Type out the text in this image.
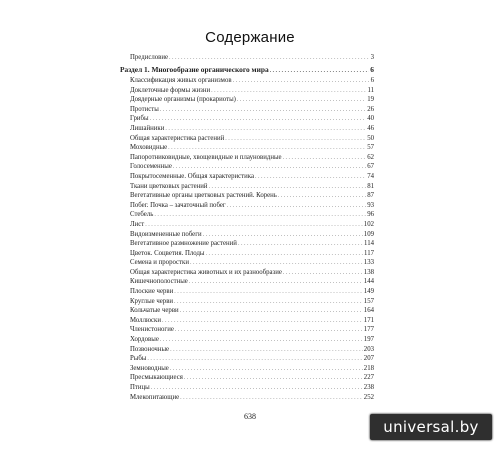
Содержание
Предисловие . . .	3
Раздел 1. Многообразие органического мира . . .	6
Классификация живых организмов . . .	6
Доклеточные формы жизни . . .	11
Доядерные организмы (прокариоты) . . .	19
Протисты . . .	26
Грибы . . .	40
Лишайники . . .	46
Общая характеристика растений . . .	50
Моховидные . . .	57
Папоротниковидные, хвощевидные и плауновидные . . .	62
Голосеменные . . .	67
Покрытосеменные. Общая характеристика . . .	74
Ткани цветковых растений . . .	81
Вегетативные органы цветковых растений. Корень . . .	87
Побег. Почка – зачаточный побег . . .	93
Стебель . . .	96
Лист . . .	102
Видоизмененные побеги . . .	109
Вегетативное размножение растений . . .	114
Цветок. Соцветия. Плоды . . .	117
Семена и проростки . . .	133
Общая характеристика животных и их разнообразие . . .	138
Кишечнополостные . . .	144
Плоские черви . . .	149
Круглые черви . . .	157
Кольчатые черви . . .	164
Моллюски . . .	171
Членистоногие . . .	177
Хордовые . . .	197
Позвоночные . . .	203
Рыбы . . .	207
Земноводные . . .	218
Пресмыкающиеся . . .	227
Птицы . . .	238
Млекопитающие . . .	252
638
universal.by
